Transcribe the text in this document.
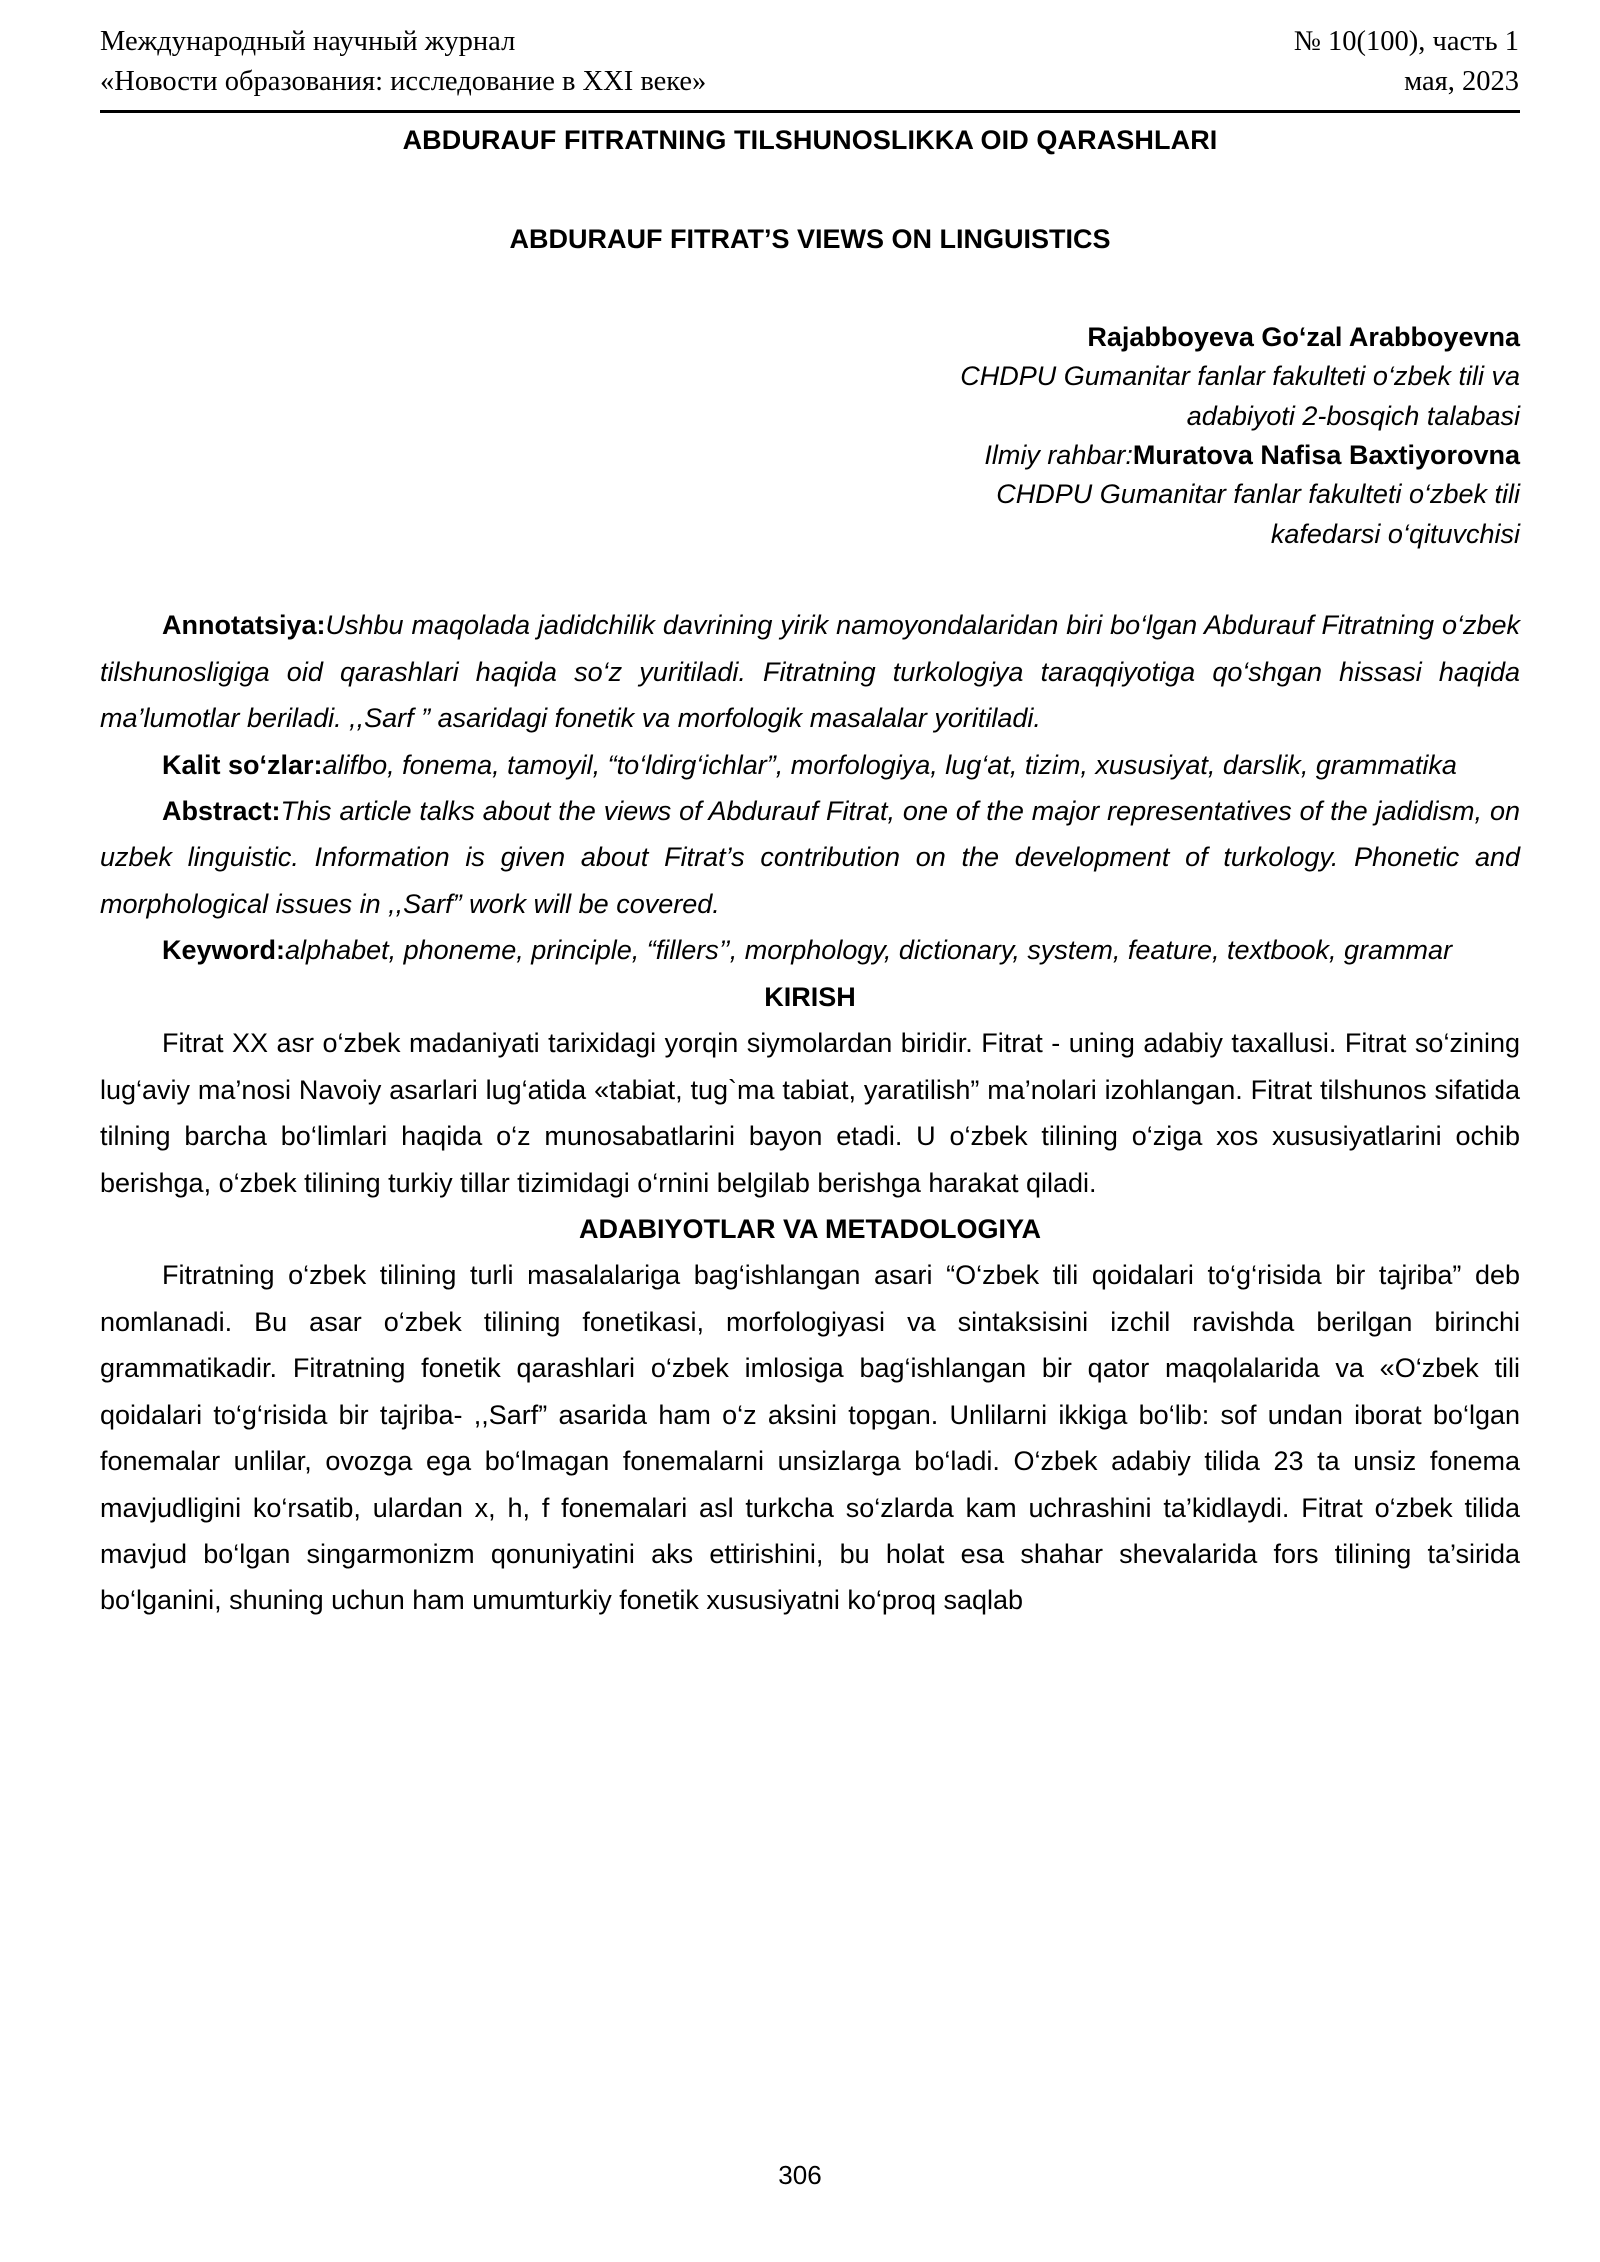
Международный научный журнал
«Новости образования: исследование в XXI веке»
№ 10(100), часть 1
мая, 2023
ABDURAUF FITRATNING TILSHUNOSLIKKA OID QARASHLARI
ABDURAUF FITRAT’S VIEWS ON LINGUISTICS
Rajabboyeva Go‘zal Arabboyevna
CHDPU Gumanitar fanlar fakulteti o‘zbek tili va
adabiyoti 2-bosqich talabasi
Ilmiy rahbar:Muratova Nafisa Baxtiyorovna
CHDPU Gumanitar fanlar fakulteti o‘zbek tili
kafedarsi o‘qituvchisi

Annotatsiya:Ushbu maqolada jadidchilik davrining yirik namoyondalaridan biri bo‘lgan Abdurauf Fitratning o‘zbek tilshunosligiga oid qarashlari haqida so‘z yuritiladi. Fitratning turkologiya taraqqiyotiga qo‘shgan hissasi haqida ma’lumotlar beriladi. ,,Sarf ” asaridagi fonetik va morfologik masalalar yoritiladi.

Kalit so‘zlar:alifbo, fonema, tamoyil, “to‘ldirg‘ichlar”, morfologiya, lug‘at, tizim, xususiyat, darslik, grammatika

Abstract:This article talks about the views of Abdurauf Fitrat, one of the major representatives of the jadidism, on uzbek linguistic. Information is given about Fitrat’s contribution on the development of turkology. Phonetic and morphological issues in ,,Sarf” work will be covered.

Keyword:alphabet, phoneme, principle, “fillers’’, morphology, dictionary, system, feature, textbook, grammar

KIRISH

Fitrat XX asr o‘zbek madaniyati tarixidagi yorqin siymolardan biridir. Fitrat - uning adabiy taxallusi. Fitrat so‘zining lug‘aviy ma’nosi Navoiy asarlari lug‘atida «tabiat, tug`ma tabiat, yaratilish” ma’nolari izohlangan. Fitrat tilshunos sifatida tilning barcha bo‘limlari haqida o‘z munosabatlarini bayon etadi. U o‘zbek tilining o‘ziga xos xususiyatlarini ochib berishga, o‘zbek tilining turkiy tillar tizimidagi o‘rnini belgilab berishga harakat qiladi.

ADABIYOTLAR VA METADOLOGIYA

Fitratning o‘zbek tilining turli masalalariga bag‘ishlangan asari “O‘zbek tili qoidalari to‘g‘risida bir tajriba” deb nomlanadi. Bu asar o‘zbek tilining fonetikasi, morfologiyasi va sintaksisini izchil ravishda berilgan birinchi grammatikadir. Fitratning fonetik qarashlari o‘zbek imlosiga bag‘ishlangan bir qator maqolalarida va «O‘zbek tili qoidalari to‘g‘risida bir tajriba- ,,Sarf” asarida ham o‘z aksini topgan. Unlilarni ikkiga bo‘lib: sof undan iborat bo‘lgan fonemalar unlilar, ovozga ega bo‘lmagan fonemalarni unsizlarga bo‘ladi. O‘zbek adabiy tilida 23 ta unsiz fonema mavjudligini ko‘rsatib, ulardan x, h, f fonemalari asl turkcha so‘zlarda kam uchrashini ta’kidlaydi. Fitrat o‘zbek tilida mavjud bo‘lgan singarmonizm qonuniyatini aks ettirishini, bu holat esa shahar shevalarida fors tilining ta’sirida bo‘lganini, shuning uchun ham umumturkiy fonetik xususiyatni ko‘proq saqlab

306
